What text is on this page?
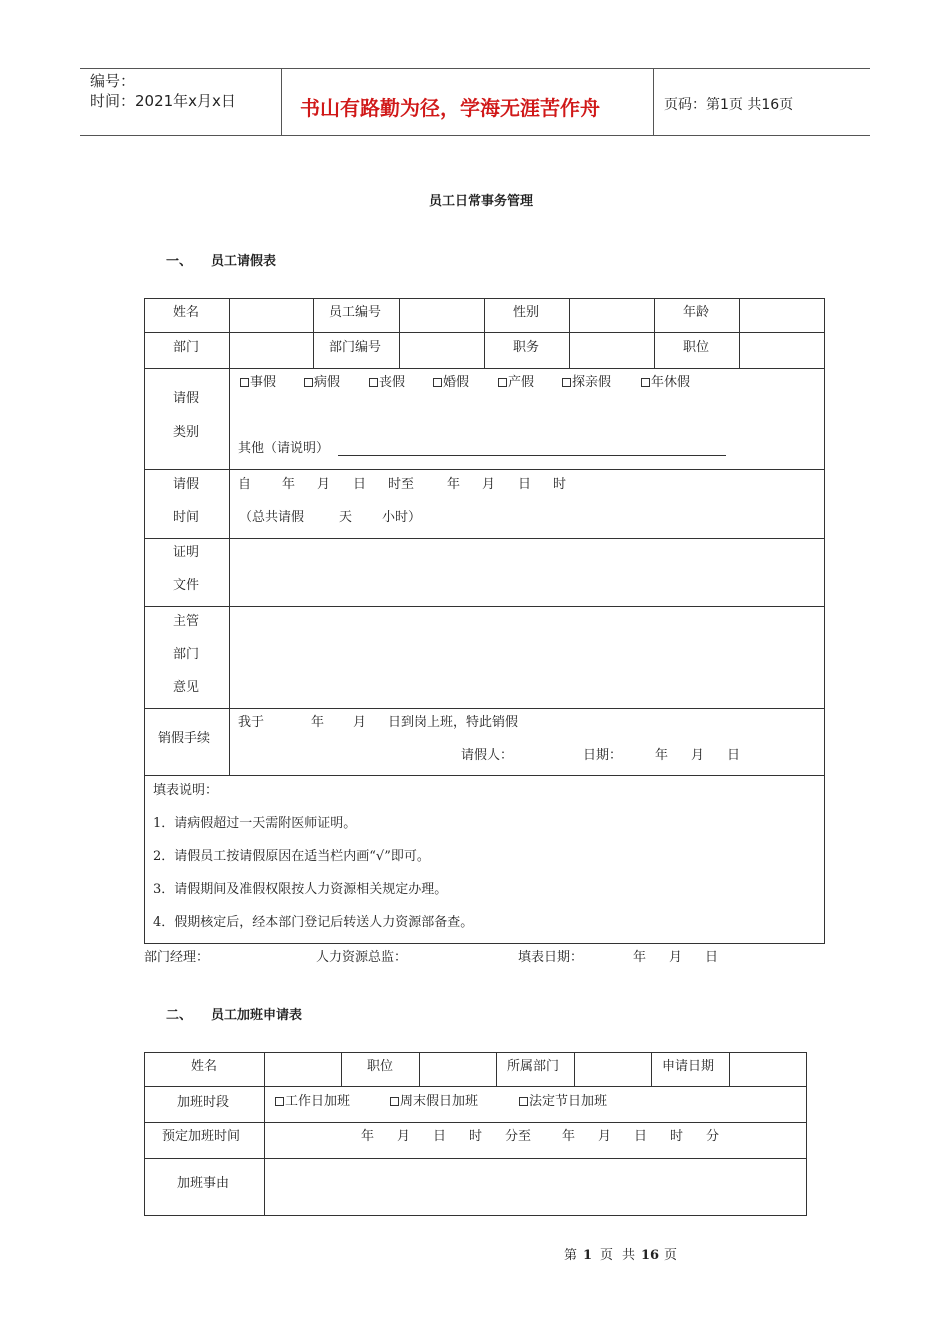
编号：
时间：2021年x月x日	书山有路勤为径，学海无涯苦作舟	页码：第1页 共16页
员工日常事务管理
一、 员工请假表
姓名	员工编号	性别	年龄
部门	部门编号	职务	职位
请假
类别
事假	病假	丧假	婚假	产假	探亲假	年休假
其他（请说明）
请假
时间
自 年 月 日 时至	年 月 日 时
（总共请假	天 小时）
证明
文件
主管
部门
意见
销假手续
我于	年 月 日到岗上班，特此销假
请假人：	日期：	年 月 日
填表说明：
1．请病假超过一天需附医师证明。
2．请假员工按请假原因在适当栏内画“√”即可。
3．请假期间及准假权限按人力资源相关规定办理。
4．假期核定后，经本部门登记后转送人力资源部备查。
部门经理：	人力资源总监：	填表日期：	年 月 日
二、 员工加班申请表
姓名	职位	所属部门	申请日期
加班时段	工作日加班	周末假日加班	法定节日加班
预定加班时间	年 月 日 时 分至 年 月 日 时 分
加班事由
第 1 页 共 16 页
